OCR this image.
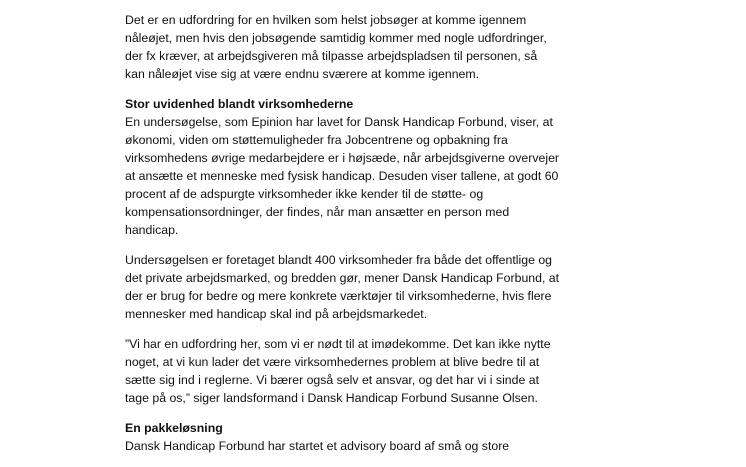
Det er en udfordring for en hvilken som helst jobsøger at komme igennem
nåleøjet, men hvis den jobsøgende samtidig kommer med nogle udfordringer,
der fx kræver, at arbejdsgiveren må tilpasse arbejdspladsen til personen, så
kan nåleøjet vise sig at være endnu sværere at komme igennem.

Stor uvidenhed blandt virksomhederne
En undersøgelse, som Epinion har lavet for Dansk Handicap Forbund, viser, at
økonomi, viden om støttemuligheder fra Jobcentrene og opbakning fra
virksomhedens øvrige medarbejdere er i højsæde, når arbejdsgiverne overvejer
at ansætte et menneske med fysisk handicap. Desuden viser tallene, at godt 60
procent af de adspurgte virksomheder ikke kender til de støtte- og
kompensationsordninger, der findes, når man ansætter en person med
handicap.

Undersøgelsen er foretaget blandt 400 virksomheder fra både det offentlige og
det private arbejdsmarked, og bredden gør, mener Dansk Handicap Forbund, at
der er brug for bedre og mere konkrete værktøjer til virksomhederne, hvis flere
mennesker med handicap skal ind på arbejdsmarkedet.

”Vi har en udfordring her, som vi er nødt til at imødekomme. Det kan ikke nytte
noget, at vi kun lader det være virksomhedernes problem at blive bedre til at
sætte sig ind i reglerne. Vi bærer også selv et ansvar, og det har vi i sinde at
tage på os,” siger landsformand i Dansk Handicap Forbund Susanne Olsen.

En pakkeløsning
Dansk Handicap Forbund har startet et advisory board af små og store
